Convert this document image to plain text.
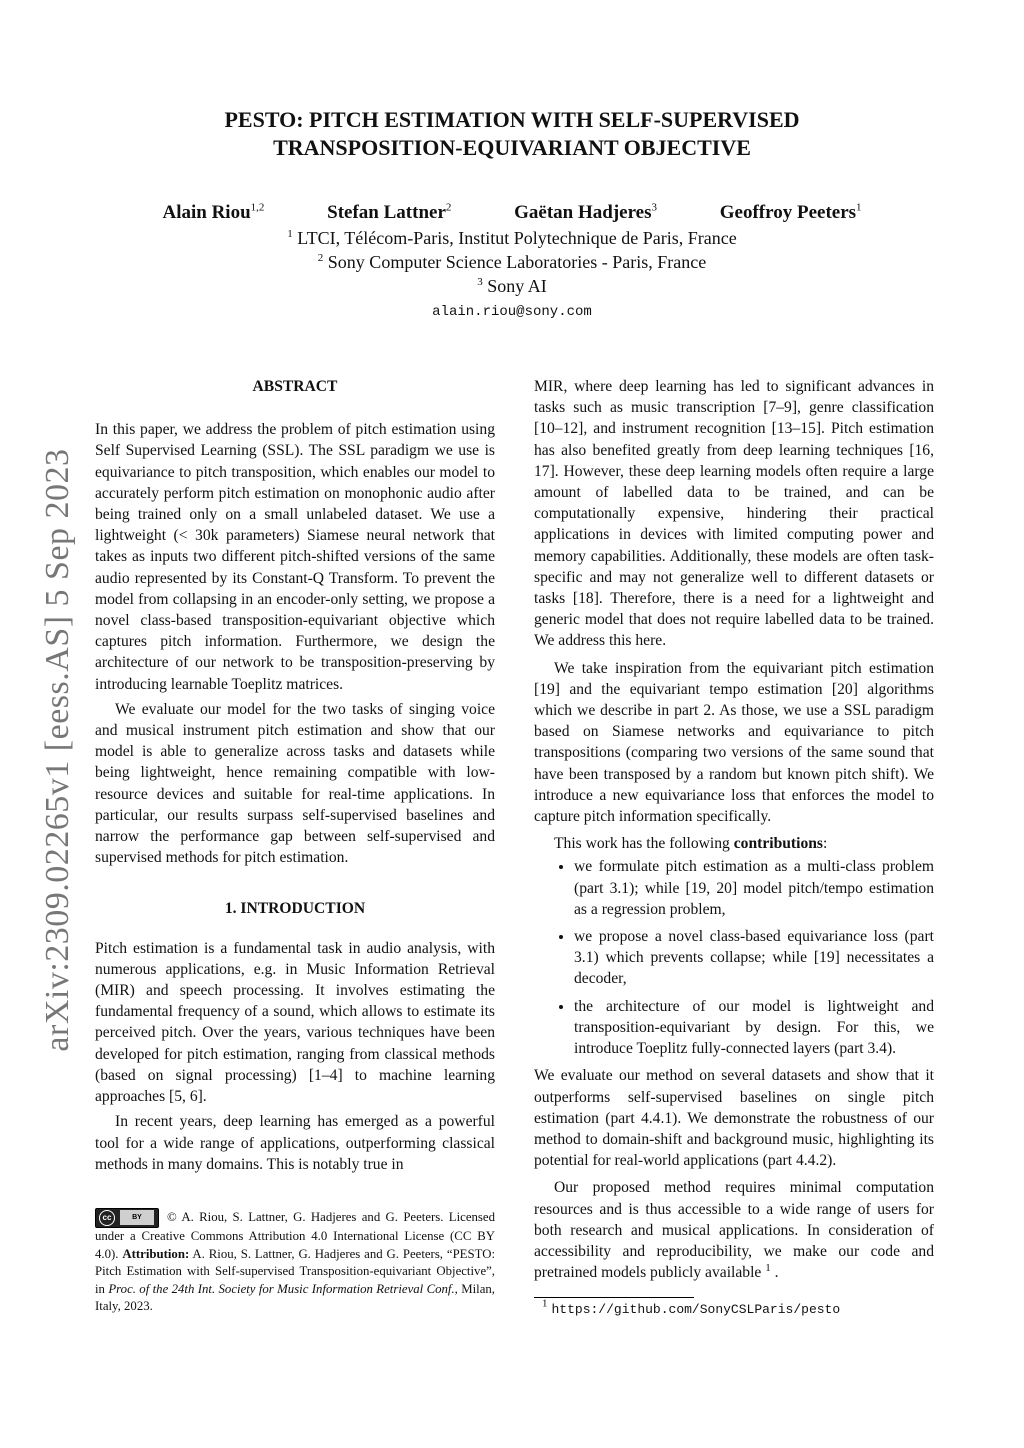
arXiv:2309.02265v1 [eess.AS] 5 Sep 2023
PESTO: PITCH ESTIMATION WITH SELF-SUPERVISED
TRANSPOSITION-EQUIVARIANT OBJECTIVE
Alain Riou$^{1,2}$	Stefan Lattner$^2$	Gaëtan Hadjeres$^3$	Geoffroy Peeters$^1$
$^1$ LTCI, Télécom-Paris, Institut Polytechnique de Paris, France
$^2$ Sony Computer Science Laboratories - Paris, France
$^3$ Sony AI
alain.riou@sony.com

ABSTRACT

In this paper, we address the problem of pitch estimation using Self Supervised Learning (SSL). The SSL paradigm we use is equivariance to pitch transposition, which enables our model to accurately perform pitch estimation on monophonic audio after being trained only on a small unlabeled dataset. We use a lightweight (< 30k parameters) Siamese neural network that takes as inputs two different pitch-shifted versions of the same audio represented by its Constant-Q Transform. To prevent the model from collapsing in an encoder-only setting, we propose a novel class-based transposition-equivariant objective which captures pitch information. Furthermore, we design the architecture of our network to be transposition-preserving by introducing learnable Toeplitz matrices.

We evaluate our model for the two tasks of singing voice and musical instrument pitch estimation and show that our model is able to generalize across tasks and datasets while being lightweight, hence remaining compatible with low-resource devices and suitable for real-time applications. In particular, our results surpass self-supervised baselines and narrow the performance gap between self-supervised and supervised methods for pitch estimation.

1. INTRODUCTION

Pitch estimation is a fundamental task in audio analysis, with numerous applications, e.g. in Music Information Retrieval (MIR) and speech processing. It involves estimating the fundamental frequency of a sound, which allows to estimate its perceived pitch. Over the years, various techniques have been developed for pitch estimation, ranging from classical methods (based on signal processing) [1–4] to machine learning approaches [5, 6].

In recent years, deep learning has emerged as a powerful tool for a wide range of applications, outperforming classical methods in many domains. This is notably true in

cc	BY	© A. Riou, S. Lattner, G. Hadjeres and G. Peeters. Licensed under a Creative Commons Attribution 4.0 International License (CC BY 4.0). Attribution: A. Riou, S. Lattner, G. Hadjeres and G. Peeters, “PESTO: Pitch Estimation with Self-supervised Transposition-equivariant Objective”, in Proc. of the 24th Int. Society for Music Information Retrieval Conf., Milan, Italy, 2023.

MIR, where deep learning has led to significant advances in tasks such as music transcription [7–9], genre classification [10–12], and instrument recognition [13–15]. Pitch estimation has also benefited greatly from deep learning techniques [16, 17]. However, these deep learning models often require a large amount of labelled data to be trained, and can be computationally expensive, hindering their practical applications in devices with limited computing power and memory capabilities. Additionally, these models are often task-specific and may not generalize well to different datasets or tasks [18]. Therefore, there is a need for a lightweight and generic model that does not require labelled data to be trained. We address this here.

We take inspiration from the equivariant pitch estimation [19] and the equivariant tempo estimation [20] algorithms which we describe in part 2. As those, we use a SSL paradigm based on Siamese networks and equivariance to pitch transpositions (comparing two versions of the same sound that have been transposed by a random but known pitch shift). We introduce a new equivariance loss that enforces the model to capture pitch information specifically.

This work has the following contributions:

• we formulate pitch estimation as a multi-class problem (part 3.1); while [19, 20] model pitch/tempo estimation as a regression problem,
• we propose a novel class-based equivariance loss (part 3.1) which prevents collapse; while [19] necessitates a decoder,
• the architecture of our model is lightweight and transposition-equivariant by design. For this, we introduce Toeplitz fully-connected layers (part 3.4).

We evaluate our method on several datasets and show that it outperforms self-supervised baselines on single pitch estimation (part 4.4.1). We demonstrate the robustness of our method to domain-shift and background music, highlighting its potential for real-world applications (part 4.4.2).

Our proposed method requires minimal computation resources and is thus accessible to a wide range of users for both research and musical applications. In consideration of accessibility and reproducibility, we make our code and pretrained models publicly available $^1$ .

$^1$ https://github.com/SonyCSLParis/pesto
